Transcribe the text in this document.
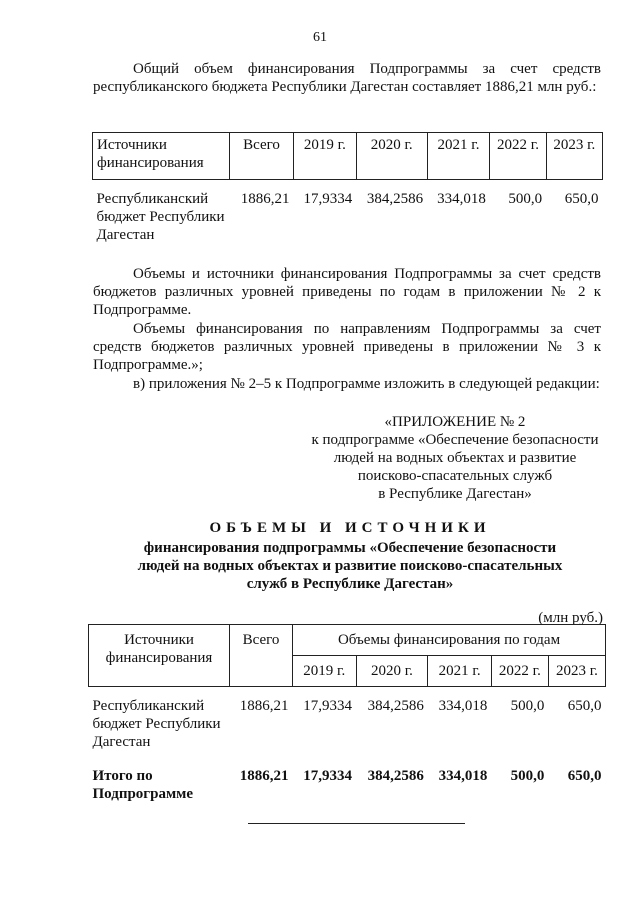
61
Общий объем финансирования Подпрограммы за счет средств республиканского бюджета Республики Дагестан составляет 1886,21 млн руб.:
Источники финансирования	Всего	2019 г.	2020 г.	2021 г.	2022 г.	2023 г.
Республиканский бюджет Республики Дагестан	1886,21	17,9334	384,2586	334,018	500,0	650,0
Объемы и источники финансирования Подпрограммы за счет средств бюджетов различных уровней приведены по годам в приложении № 2 к Подпрограмме.
Объемы финансирования по направлениям Подпрограммы за счет средств бюджетов различных уровней приведены в приложении № 3 к Подпрограмме.»;
в) приложения № 2–5 к Подпрограмме изложить в следующей редакции:
«ПРИЛОЖЕНИЕ № 2
к подпрограмме «Обеспечение безопасности
людей на водных объектах и развитие
поисково-спасательных служб
в Республике Дагестан»
ОБЪЕМЫ И ИСТОЧНИКИ
финансирования подпрограммы «Обеспечение безопасности
людей на водных объектах и развитие поисково-спасательных
служб в Республике Дагестан»
(млн руб.)
Источники финансирования	Всего	Объемы финансирования по годам				
		2019 г.	2020 г.	2021 г.	2022 г.	2023 г.
Республиканский бюджет Республики Дагестан	1886,21	17,9334	384,2586	334,018	500,0	650,0
Итого по Подпрограмме	1886,21	17,9334	384,2586	334,018	500,0	650,0
